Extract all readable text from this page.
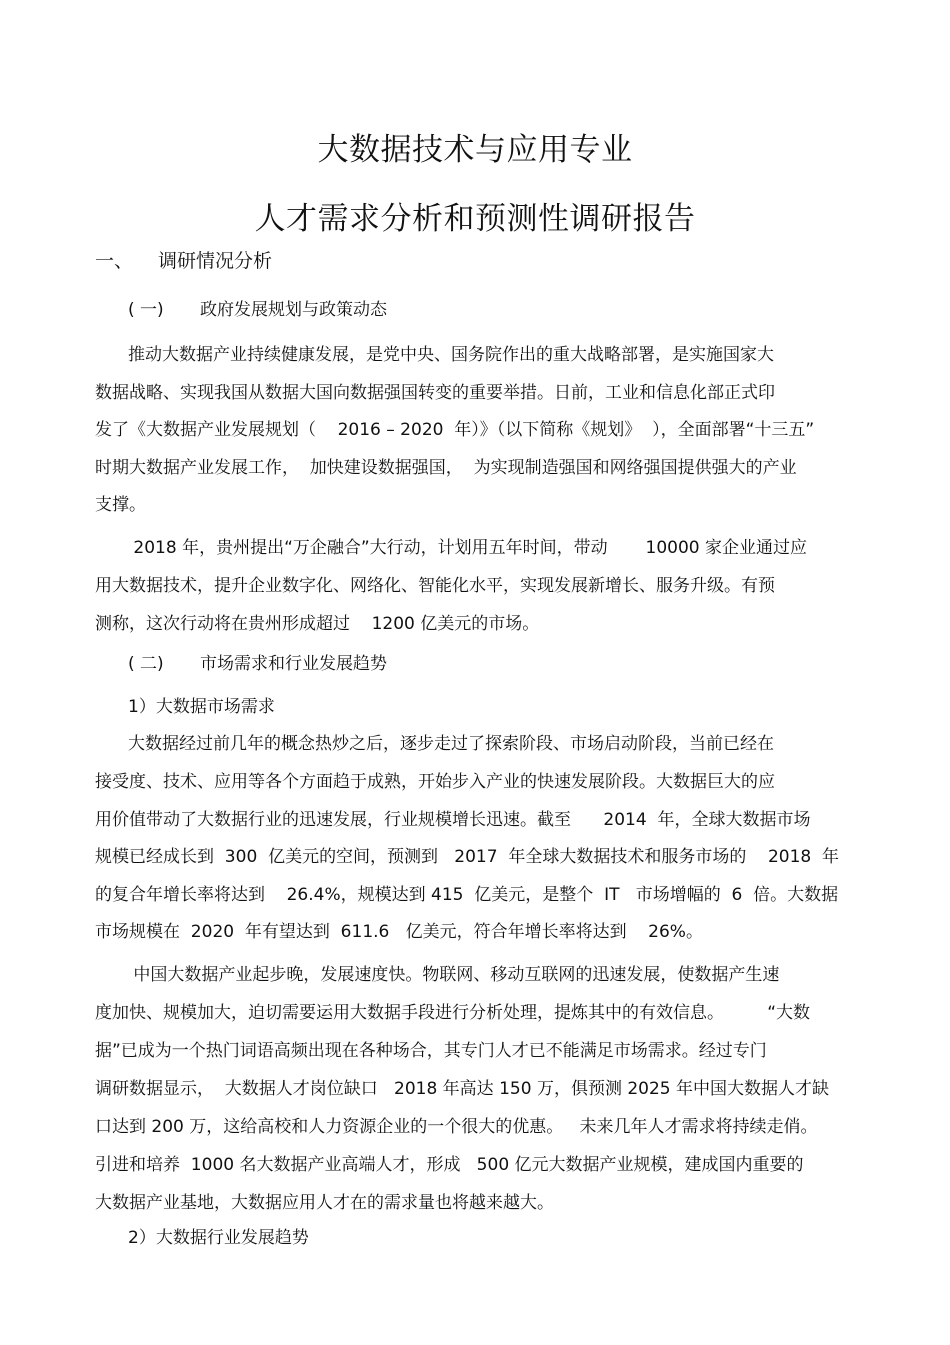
大数据技术与应用专业
人才需求分析和预测性调研报告
一、 调研情况分析
( 一) 政府发展规划与政策动态
推动大数据产业持续健康发展，是党中央、国务院作出的重大战略部署，是实施国家大
数据战略、实现我国从数据大国向数据强国转变的重要举措。日前，工业和信息化部正式印
发了《大数据产业发展规划（    2016 – 2020  年）》（以下简称《规划》  ），全面部署“十三五”
时期大数据产业发展工作，  加快建设数据强国，  为实现制造强国和网络强国提供强大的产业
支撑。
2018 年，贵州提出“万企融合”大行动，计划用五年时间，带动       10000 家企业通过应
用大数据技术，提升企业数字化、网络化、智能化水平，实现发展新增长、服务升级。有预
测称，这次行动将在贵州形成超过    1200 亿美元的市场。
( 二) 市场需求和行业发展趋势
1）大数据市场需求
大数据经过前几年的概念热炒之后，逐步走过了探索阶段、市场启动阶段，当前已经在
接受度、技术、应用等各个方面趋于成熟，开始步入产业的快速发展阶段。大数据巨大的应
用价值带动了大数据行业的迅速发展，行业规模增长迅速。截至      2014  年，全球大数据市场
规模已经成长到  300  亿美元的空间，预测到   2017  年全球大数据技术和服务市场的    2018  年
的复合年增长率将达到    26.4%，规模达到 415  亿美元，是整个  IT   市场增幅的  6  倍。大数据
市场规模在  2020  年有望达到  611.6   亿美元，符合年增长率将达到    26%。
中国大数据产业起步晚，发展速度快。物联网、移动互联网的迅速发展，使数据产生速
度加快、规模加大，迫切需要运用大数据手段进行分析处理，提炼其中的有效信息。        “大数
据”已成为一个热门词语高频出现在各种场合，其专门人才已不能满足市场需求。经过专门
调研数据显示，  大数据人才岗位缺口   2018 年高达 150 万，俱预测 2025 年中国大数据人才缺
口达到 200 万，这给高校和人力资源企业的一个很大的优惠。   未来几年人才需求将持续走俏。
引进和培养  1000 名大数据产业高端人才，形成   500 亿元大数据产业规模，建成国内重要的
大数据产业基地，大数据应用人才在的需求量也将越来越大。
2）大数据行业发展趋势
